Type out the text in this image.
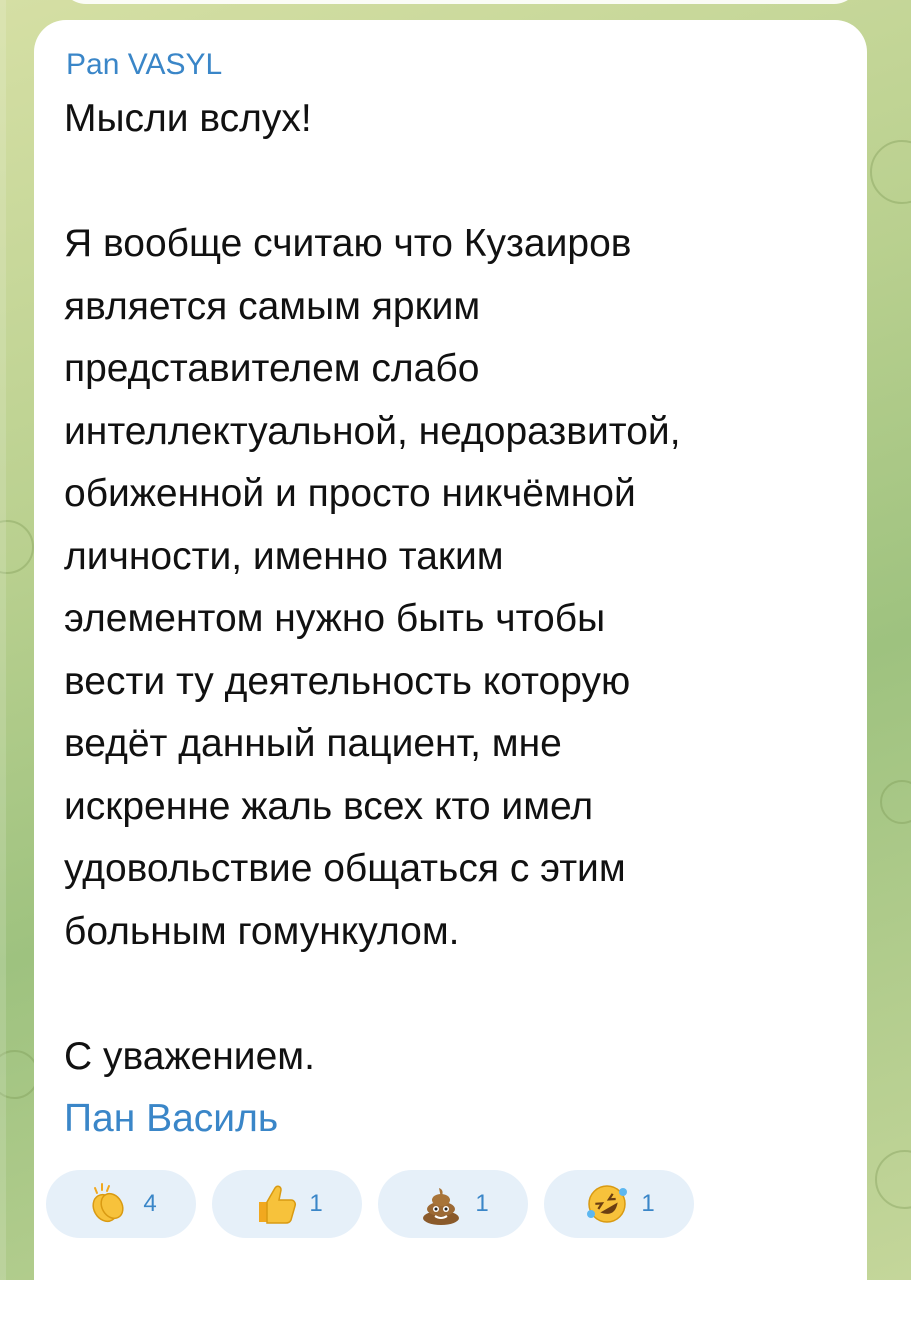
Pan VASYL

Мысли вслух!

Я вообще считаю что Кузаиров

является самым ярким

представителем слабо

интеллектуальной, недоразвитой,

обиженной и просто никчёмной

личности, именно таким

элементом нужно быть чтобы

вести ту деятельность которую

ведёт данный пациент, мне

искренне жаль всех кто имел

удовольствие общаться с этим

больным гомункулом.

С уважением.

Пан Василь

4	1	1	1
